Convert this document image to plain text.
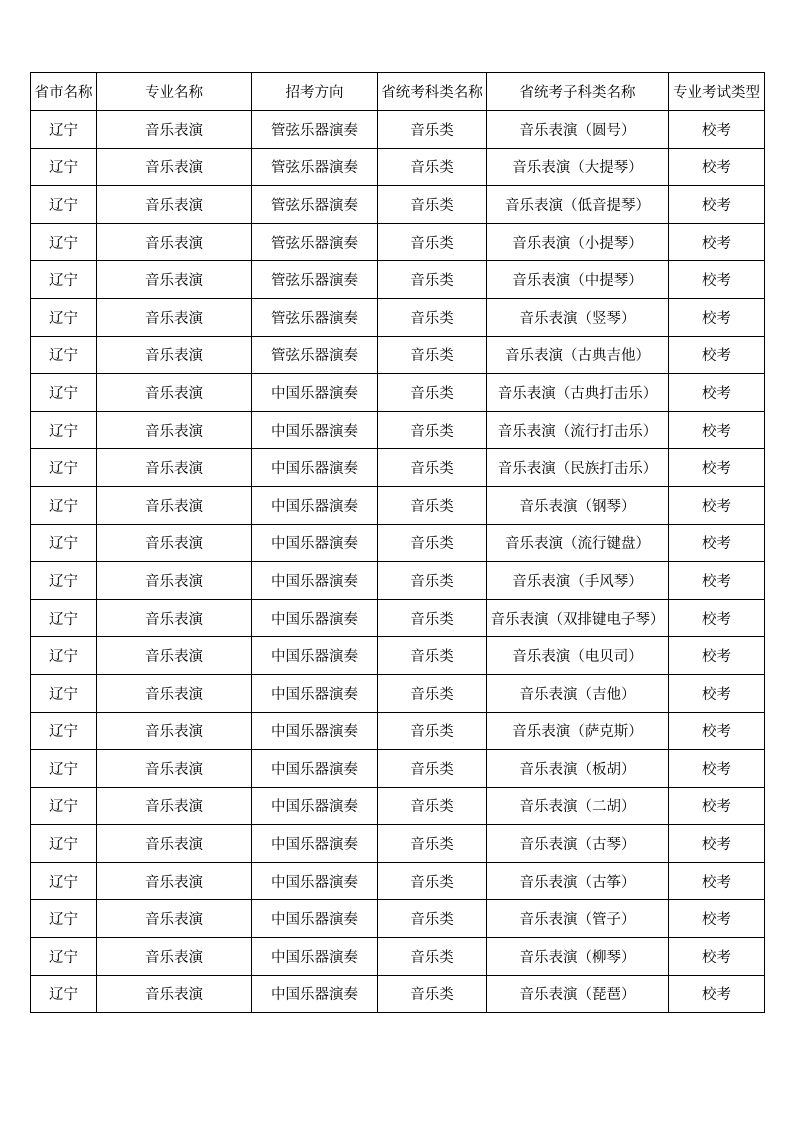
省市名称	专业名称	招考方向	省统考科类名称	省统考子科类名称	专业考试类型
辽宁	音乐表演	管弦乐器演奏	音乐类	音乐表演（圆号）	校考
辽宁	音乐表演	管弦乐器演奏	音乐类	音乐表演（大提琴）	校考
辽宁	音乐表演	管弦乐器演奏	音乐类	音乐表演（低音提琴）	校考
辽宁	音乐表演	管弦乐器演奏	音乐类	音乐表演（小提琴）	校考
辽宁	音乐表演	管弦乐器演奏	音乐类	音乐表演（中提琴）	校考
辽宁	音乐表演	管弦乐器演奏	音乐类	音乐表演（竖琴）	校考
辽宁	音乐表演	管弦乐器演奏	音乐类	音乐表演（古典吉他）	校考
辽宁	音乐表演	中国乐器演奏	音乐类	音乐表演（古典打击乐）	校考
辽宁	音乐表演	中国乐器演奏	音乐类	音乐表演（流行打击乐）	校考
辽宁	音乐表演	中国乐器演奏	音乐类	音乐表演（民族打击乐）	校考
辽宁	音乐表演	中国乐器演奏	音乐类	音乐表演（钢琴）	校考
辽宁	音乐表演	中国乐器演奏	音乐类	音乐表演（流行键盘）	校考
辽宁	音乐表演	中国乐器演奏	音乐类	音乐表演（手风琴）	校考
辽宁	音乐表演	中国乐器演奏	音乐类	音乐表演（双排键电子琴）	校考
辽宁	音乐表演	中国乐器演奏	音乐类	音乐表演（电贝司）	校考
辽宁	音乐表演	中国乐器演奏	音乐类	音乐表演（吉他）	校考
辽宁	音乐表演	中国乐器演奏	音乐类	音乐表演（萨克斯）	校考
辽宁	音乐表演	中国乐器演奏	音乐类	音乐表演（板胡）	校考
辽宁	音乐表演	中国乐器演奏	音乐类	音乐表演（二胡）	校考
辽宁	音乐表演	中国乐器演奏	音乐类	音乐表演（古琴）	校考
辽宁	音乐表演	中国乐器演奏	音乐类	音乐表演（古筝）	校考
辽宁	音乐表演	中国乐器演奏	音乐类	音乐表演（管子）	校考
辽宁	音乐表演	中国乐器演奏	音乐类	音乐表演（柳琴）	校考
辽宁	音乐表演	中国乐器演奏	音乐类	音乐表演（琵琶）	校考
